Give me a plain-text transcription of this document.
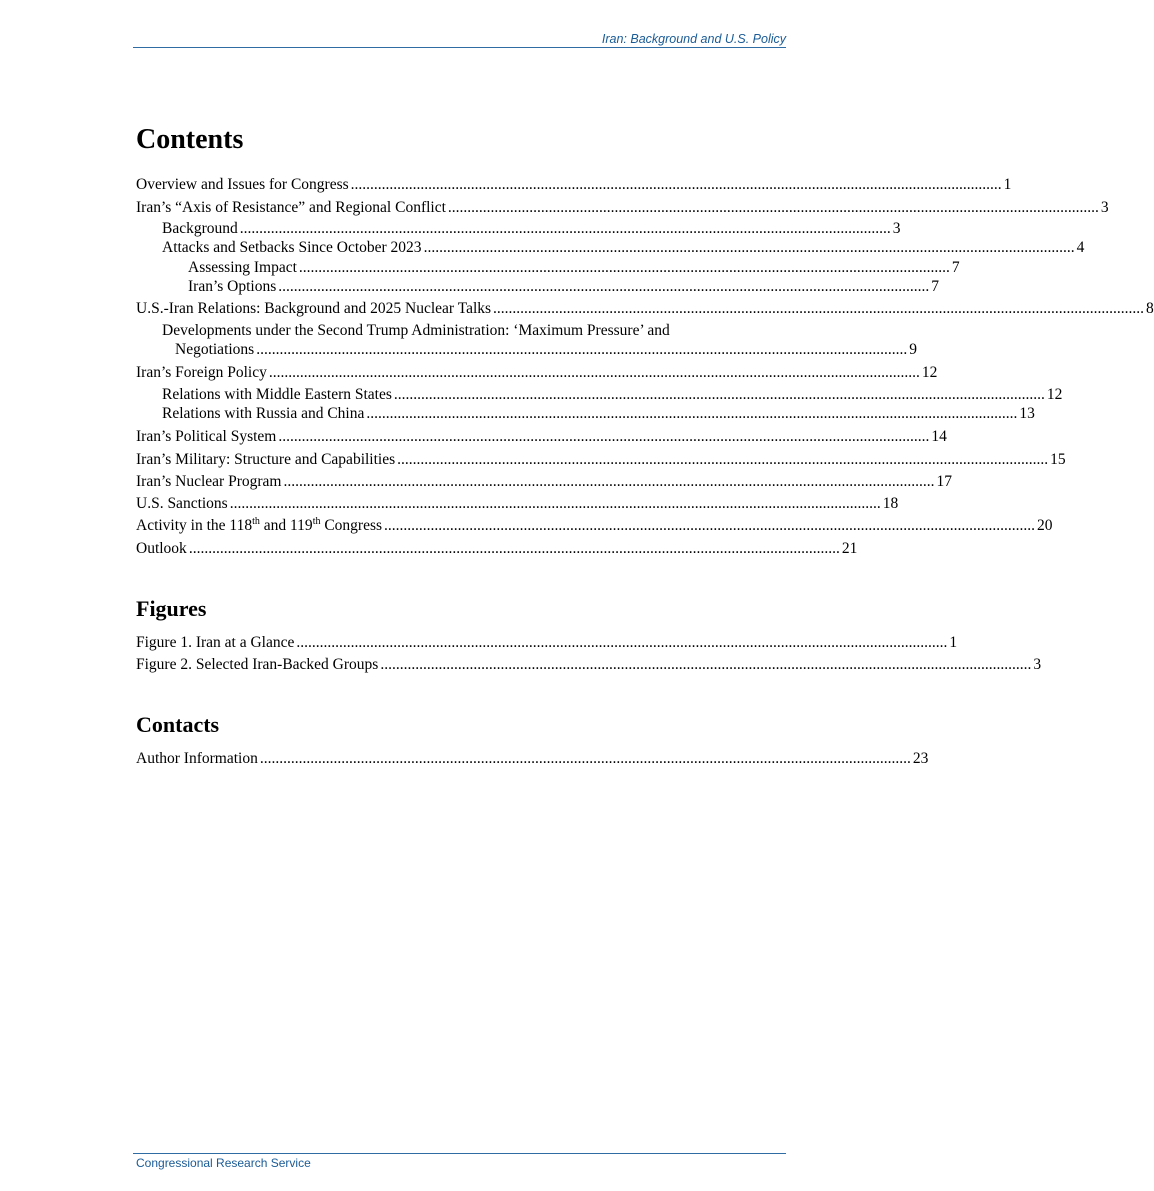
Iran: Background and U.S. Policy
Contents
Overview and Issues for Congress ........................................................................................................................................................................ 1
Iran’s “Axis of Resistance” and Regional Conflict ........................................................................................................................................................................ 3
Background ........................................................................................................................................................................ 3
Attacks and Setbacks Since October 2023 ........................................................................................................................................................................ 4
Assessing Impact ........................................................................................................................................................................ 7
Iran’s Options ........................................................................................................................................................................ 7
U.S.-Iran Relations: Background and 2025 Nuclear Talks ........................................................................................................................................................................ 8
Developments under the Second Trump Administration: ‘Maximum Pressure’ and
Negotiations ........................................................................................................................................................................ 9
Iran’s Foreign Policy ........................................................................................................................................................................ 12
Relations with Middle Eastern States ........................................................................................................................................................................ 12
Relations with Russia and China ........................................................................................................................................................................ 13
Iran’s Political System ........................................................................................................................................................................ 14
Iran’s Military: Structure and Capabilities ........................................................................................................................................................................ 15
Iran’s Nuclear Program ........................................................................................................................................................................ 17
U.S. Sanctions ........................................................................................................................................................................ 18
Activity in the 118th and 119th Congress ........................................................................................................................................................................ 20
Outlook ........................................................................................................................................................................ 21
Figures
Figure 1. Iran at a Glance ........................................................................................................................................................................ 1
Figure 2. Selected Iran-Backed Groups ........................................................................................................................................................................ 3
Contacts
Author Information ........................................................................................................................................................................ 23
Congressional Research Service
